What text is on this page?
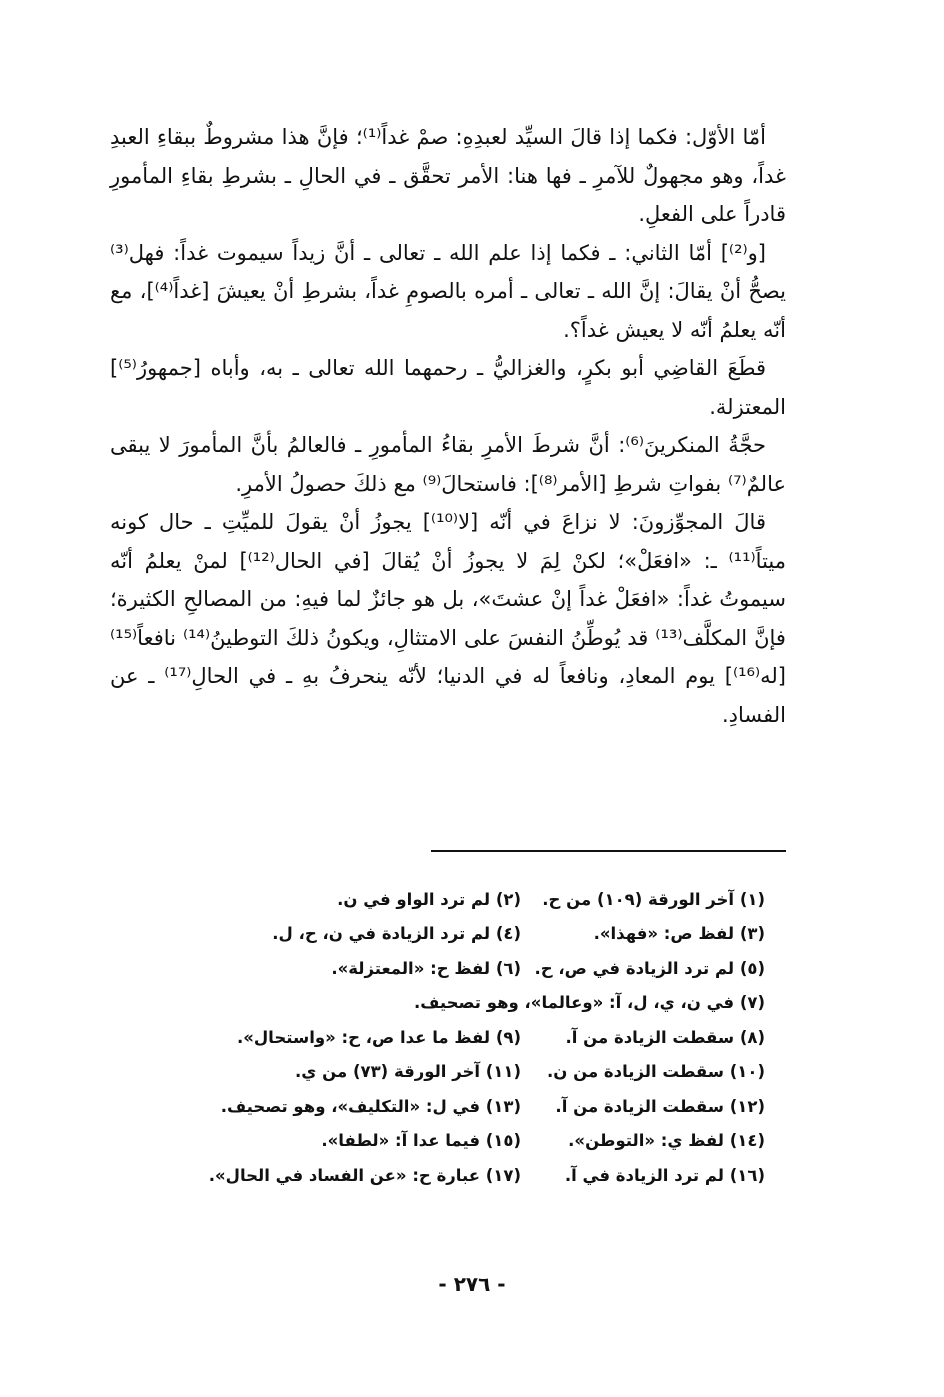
أمّا الأوّل: فكما إذا قالَ السيِّد لعبدِهِ: صمْ غداً⁽¹⁾؛ فإنَّ هذا مشروطٌ ببقاءِ العبدِ غداً، وهو مجهولٌ للآمرِ ـ فها هنا: الأمر تحقَّق ـ في الحالِ ـ بشرطِ بقاءِ المأمورِ قادراً على الفعلِ.

[و⁽²⁾] أمّا الثاني: ـ فكما إذا علم الله ـ تعالى ـ أنَّ زيداً سيموت غداً: فهل⁽³⁾ يصحُّ أنْ يقالَ: إنَّ الله ـ تعالى ـ أمره بالصومِ غداً، بشرطِ أنْ يعيشَ [غداً⁽⁴⁾]، مع أنّه يعلمُ أنّه لا يعيش غداً؟.

قطَعَ القاضِي أبو بكرٍ، والغزاليُّ ـ رحمهما الله تعالى ـ به، وأباه [جمهورُ⁽⁵⁾] المعتزلة.

حجَّةُ المنكرينَ⁽⁶⁾: أنَّ شرطَ الأمرِ بقاءُ المأمورِ ـ فالعالمُ بأنَّ المأمورَ لا يبقى عالمٌ⁽⁷⁾ بفواتِ شرطِ [الأمر⁽⁸⁾]: فاستحالَ⁽⁹⁾ مع ذلكَ حصولُ الأمرِ.

قالَ المجوِّزونَ: لا نزاعَ في أنّه [لا⁽¹⁰⁾] يجوزُ أنْ يقولَ للميِّتِ ـ حال كونه ميتاً⁽¹¹⁾ ـ: «افعَلْ»؛ لكنْ لِمَ لا يجوزُ أنْ يُقالَ [في الحال⁽¹²⁾] لمنْ يعلمُ أنّه سيموتُ غداً: «افعَلْ غداً إنْ عشتَ»، بل هو جائزٌ لما فيهِ: من المصالحِ الكثيرة؛ فإنَّ المكلَّف⁽¹³⁾ قد يُوطِّنُ النفسَ على الامتثالِ، ويكونُ ذلكَ التوطينُ⁽¹⁴⁾ نافعاً⁽¹⁵⁾ [له⁽¹⁶⁾] يوم المعادِ، ونافعاً له في الدنيا؛ لأنّه ينحرفُ بهِ ـ في الحالِ⁽¹⁷⁾ ـ عن الفسادِ.

(١) آخر الورقة (١٠٩) من ح.
(٢) لم ترد الواو في ن.
(٣) لفظ ص: «فهذا».
(٤) لم ترد الزيادة في ن، ح، ل.
(٥) لم ترد الزيادة في ص، ح.
(٦) لفظ ح: «المعتزلة».
(٧) في ن، ي، ل، آ: «وعالما»، وهو تصحيف.
(٨) سقطت الزيادة من آ.
(٩) لفظ ما عدا ص، ح: «واستحال».
(١٠) سقطت الزيادة من ن.
(١١) آخر الورقة (٧٣) من ي.
(١٢) سقطت الزيادة من آ.
(١٣) في ل: «التكليف»، وهو تصحيف.
(١٤) لفظ ي: «التوطن».
(١٥) فيما عدا آ: «لطفا».
(١٦) لم ترد الزيادة في آ.
(١٧) عبارة ح: «عن الفساد في الحال».
- ٢٧٦ -
